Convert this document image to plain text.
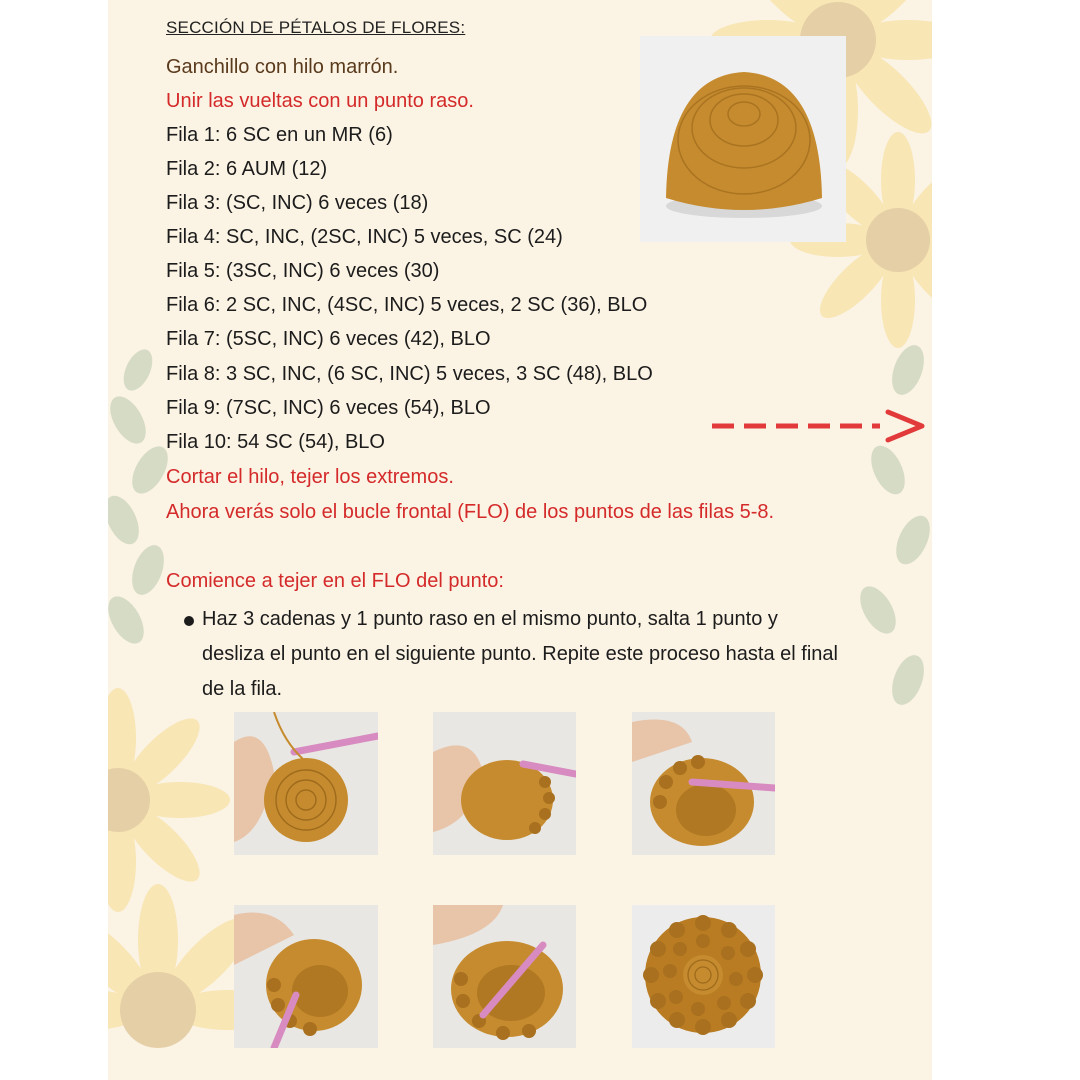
SECCIÓN DE PÉTALOS DE FLORES:
Ganchillo con hilo marrón.
Unir las vueltas con un punto raso.
Fila 1: 6 SC en un MR (6)
Fila 2: 6 AUM (12)
Fila 3: (SC, INC) 6 veces (18)
Fila 4: SC, INC, (2SC, INC) 5 veces, SC (24)
Fila 5: (3SC, INC) 6 veces (30)
Fila 6: 2 SC, INC, (4SC, INC) 5 veces, 2 SC (36), BLO
Fila 7: (5SC, INC) 6 veces (42), BLO
Fila 8: 3 SC, INC, (6 SC, INC) 5 veces, 3 SC (48), BLO
Fila 9: (7SC, INC) 6 veces (54), BLO
Fila 10: 54 SC (54), BLO
Cortar el hilo, tejer los extremos.
Ahora verás solo el bucle frontal (FLO) de los puntos de las filas 5-8.
Comience a tejer en el FLO del punto:
Haz 3 cadenas y 1 punto raso en el mismo punto, salta 1 punto y desliza el punto en el siguiente punto. Repite este proceso hasta el final de la fila.
